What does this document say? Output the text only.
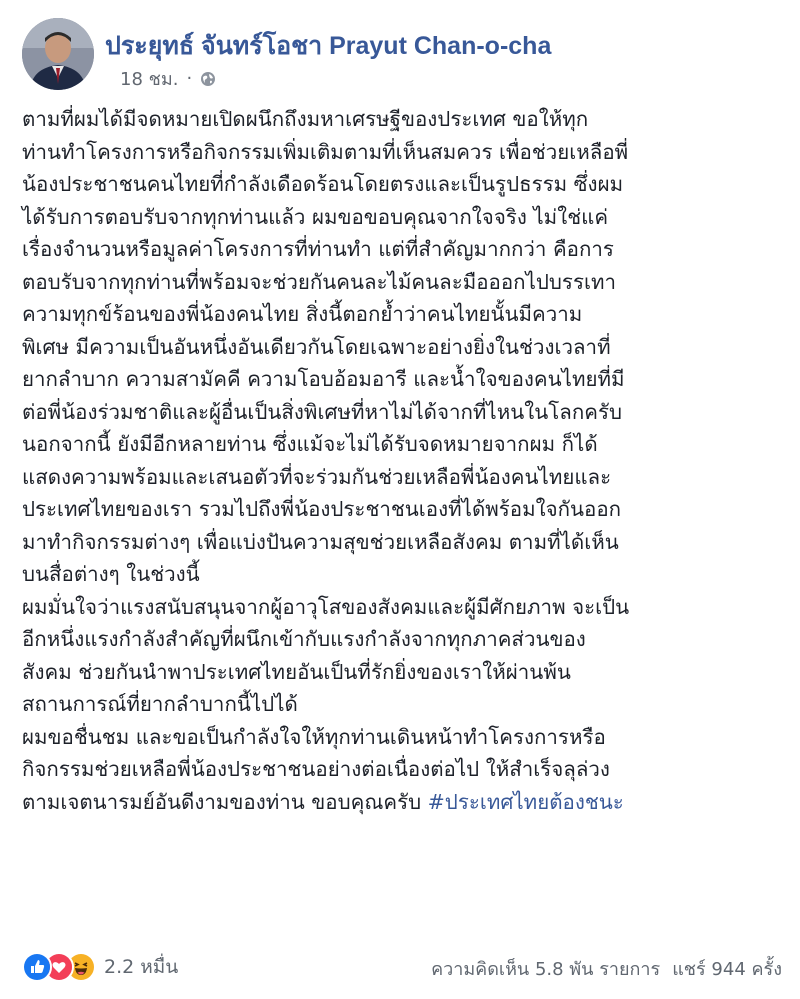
ประยุทธ์ จันทร์โอชา Prayut Chan-o-cha
18 ชม. ·
ตามที่ผมได้มีจดหมายเปิดผนึกถึงมหาเศรษฐีของประเทศ ขอให้ทุก
ท่านทำโครงการหรือกิจกรรมเพิ่มเติมตามที่เห็นสมควร เพื่อช่วยเหลือพี่
น้องประชาชนคนไทยที่กำลังเดือดร้อนโดยตรงและเป็นรูปธรรม ซึ่งผม
ได้รับการตอบรับจากทุกท่านแล้ว ผมขอขอบคุณจากใจจริง ไม่ใช่แค่
เรื่องจำนวนหรือมูลค่าโครงการที่ท่านทำ แต่ที่สำคัญมากกว่า คือการ
ตอบรับจากทุกท่านที่พร้อมจะช่วยกันคนละไม้คนละมือออกไปบรรเทา
ความทุกข์ร้อนของพี่น้องคนไทย สิ่งนี้ตอกย้ำว่าคนไทยนั้นมีความ
พิเศษ มีความเป็นอันหนึ่งอันเดียวกันโดยเฉพาะอย่างยิ่งในช่วงเวลาที่
ยากลำบาก ความสามัคคี ความโอบอ้อมอารี และน้ำใจของคนไทยที่มี
ต่อพี่น้องร่วมชาติและผู้อื่นเป็นสิ่งพิเศษที่หาไม่ได้จากที่ไหนในโลกครับ
นอกจากนี้ ยังมีอีกหลายท่าน ซึ่งแม้จะไม่ได้รับจดหมายจากผม ก็ได้
แสดงความพร้อมและเสนอตัวที่จะร่วมกันช่วยเหลือพี่น้องคนไทยและ
ประเทศไทยของเรา รวมไปถึงพี่น้องประชาชนเองที่ได้พร้อมใจกันออก
มาทำกิจกรรมต่างๆ เพื่อแบ่งปันความสุขช่วยเหลือสังคม ตามที่ได้เห็น
บนสื่อต่างๆ ในช่วงนี้
ผมมั่นใจว่าแรงสนับสนุนจากผู้อาวุโสของสังคมและผู้มีศักยภาพ จะเป็น
อีกหนึ่งแรงกำลังสำคัญที่ผนึกเข้ากับแรงกำลังจากทุกภาคส่วนของ
สังคม ช่วยกันนำพาประเทศไทยอันเป็นที่รักยิ่งของเราให้ผ่านพ้น
สถานการณ์ที่ยากลำบากนี้ไปได้
ผมขอชื่นชม และขอเป็นกำลังใจให้ทุกท่านเดินหน้าทำโครงการหรือ
กิจกรรมช่วยเหลือพี่น้องประชาชนอย่างต่อเนื่องต่อไป ให้สำเร็จลุล่วง
ตามเจตนารมย์อันดีงามของท่าน ขอบคุณครับ #ประเทศไทยต้องชนะ
2.2 หมื่น	ความคิดเห็น 5.8 พัน รายการ แชร์ 944 ครั้ง
